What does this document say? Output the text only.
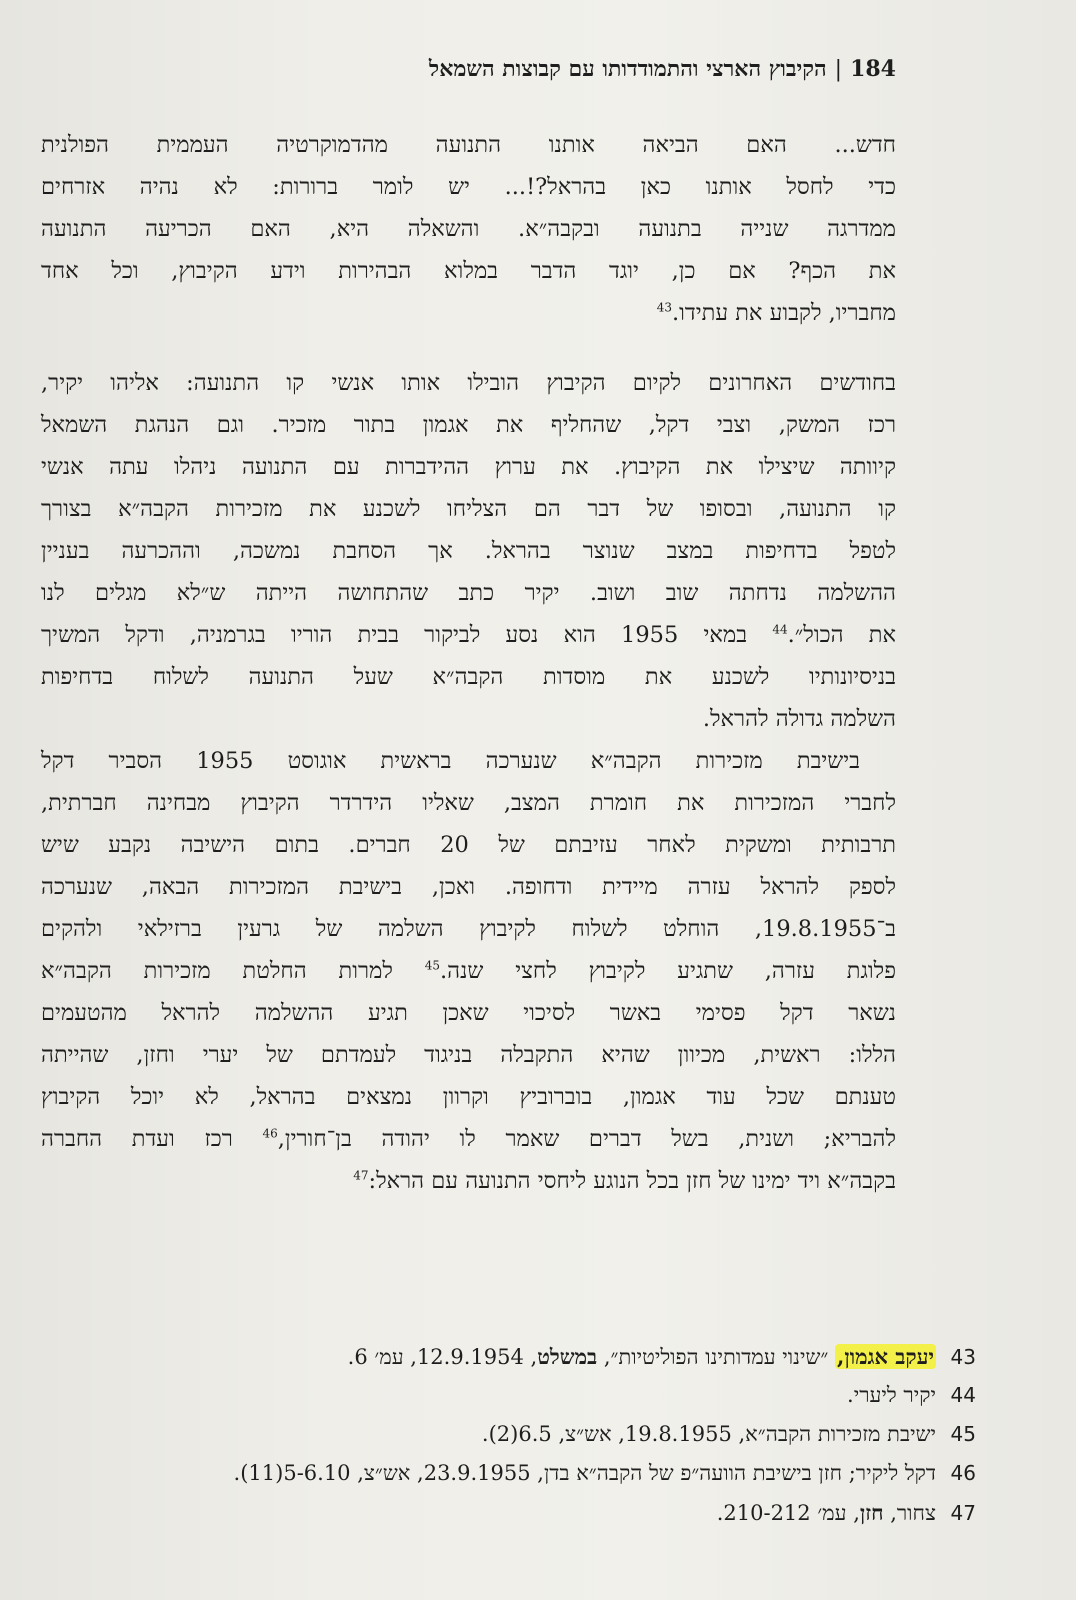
184|הקיבוץ הארצי והתמודדותו עם קבוצות השמאל
חדש... האם הביאה אותנו התנועה מהדמוקרטיה העממית הפולנית
כדי לחסל אותנו כאן בהראל?!... יש לומר ברורות: לא נהיה אזרחים
ממדרגה שנייה בתנועה ובקבה״א. והשאלה היא, האם הכריעה התנועה
את הכף? אם כן, יוגד הדבר במלוא הבהירות וידע הקיבוץ, וכל אחד
מחבריו, לקבוע את עתידו.$^{43}$
בחודשים האחרונים לקיום הקיבוץ הובילו אותו אנשי קו התנועה: אליהו יקיר,
רכז המשק, וצבי דקל, שהחליף את אגמון בתור מזכיר. וגם הנהגת השמאל
קיוותה שיצילו את הקיבוץ. את ערוץ ההידברות עם התנועה ניהלו עתה אנשי
קו התנועה, ובסופו של דבר הם הצליחו לשכנע את מזכירות הקבה״א בצורך
לטפל בדחיפות במצב שנוצר בהראל. אך הסחבת נמשכה, וההכרעה בעניין
ההשלמה נדחתה שוב ושוב. יקיר כתב שהתחושה הייתה ש״לא מגלים לנו
את הכול״.$^{44}$ במאי 1955 הוא נסע לביקור בבית הוריו בגרמניה, ודקל המשיך
בניסיונותיו לשכנע את מוסדות הקבה״א שעל התנועה לשלוח בדחיפות
השלמה גדולה להראל.
בישיבת מזכירות הקבה״א שנערכה בראשית אוגוסט 1955 הסביר דקל
לחברי המזכירות את חומרת המצב, שאליו הידרדר הקיבוץ מבחינה חברתית,
תרבותית ומשקית לאחר עזיבתם של 20 חברים. בתום הישיבה נקבע שיש
לספק להראל עזרה מיידית ודחופה. ואכן, בישיבת המזכירות הבאה, שנערכה
ב־19.8.1955, הוחלט לשלוח לקיבוץ השלמה של גרעין ברזילאי ולהקים
פלוגת עזרה, שתגיע לקיבוץ לחצי שנה.$^{45}$ למרות החלטת מזכירות הקבה״א
נשאר דקל פסימי באשר לסיכוי שאכן תגיע ההשלמה להראל מהטעמים
הללו: ראשית, מכיוון שהיא התקבלה בניגוד לעמדתם של יערי וחזן, שהייתה
טענתם שכל עוד אגמון, בוברוביץ וקרוון נמצאים בהראל, לא יוכל הקיבוץ
להבריא; ושנית, בשל דברים שאמר לו יהודה בן־חורין,$^{46}$ רכז ועדת החברה
בקבה״א ויד ימינו של חזן בכל הנוגע ליחסי התנועה עם הראל:$^{47}$
43יעקב אגמון, ״שינוי עמדותינו הפוליטיות״, במשלט, 12.9.1954, עמ׳ 6.
44יקיר ליערי.
45ישיבת מזכירות הקבה״א, 19.8.1955, אש״צ, 6.5(2).
46דקל ליקיר; חזן בישיבת הוועה״פ של הקבה״א בדן, 23.9.1955, אש״צ, 5-6.10(11).
47צחור, חזן, עמ׳ 210-212.
